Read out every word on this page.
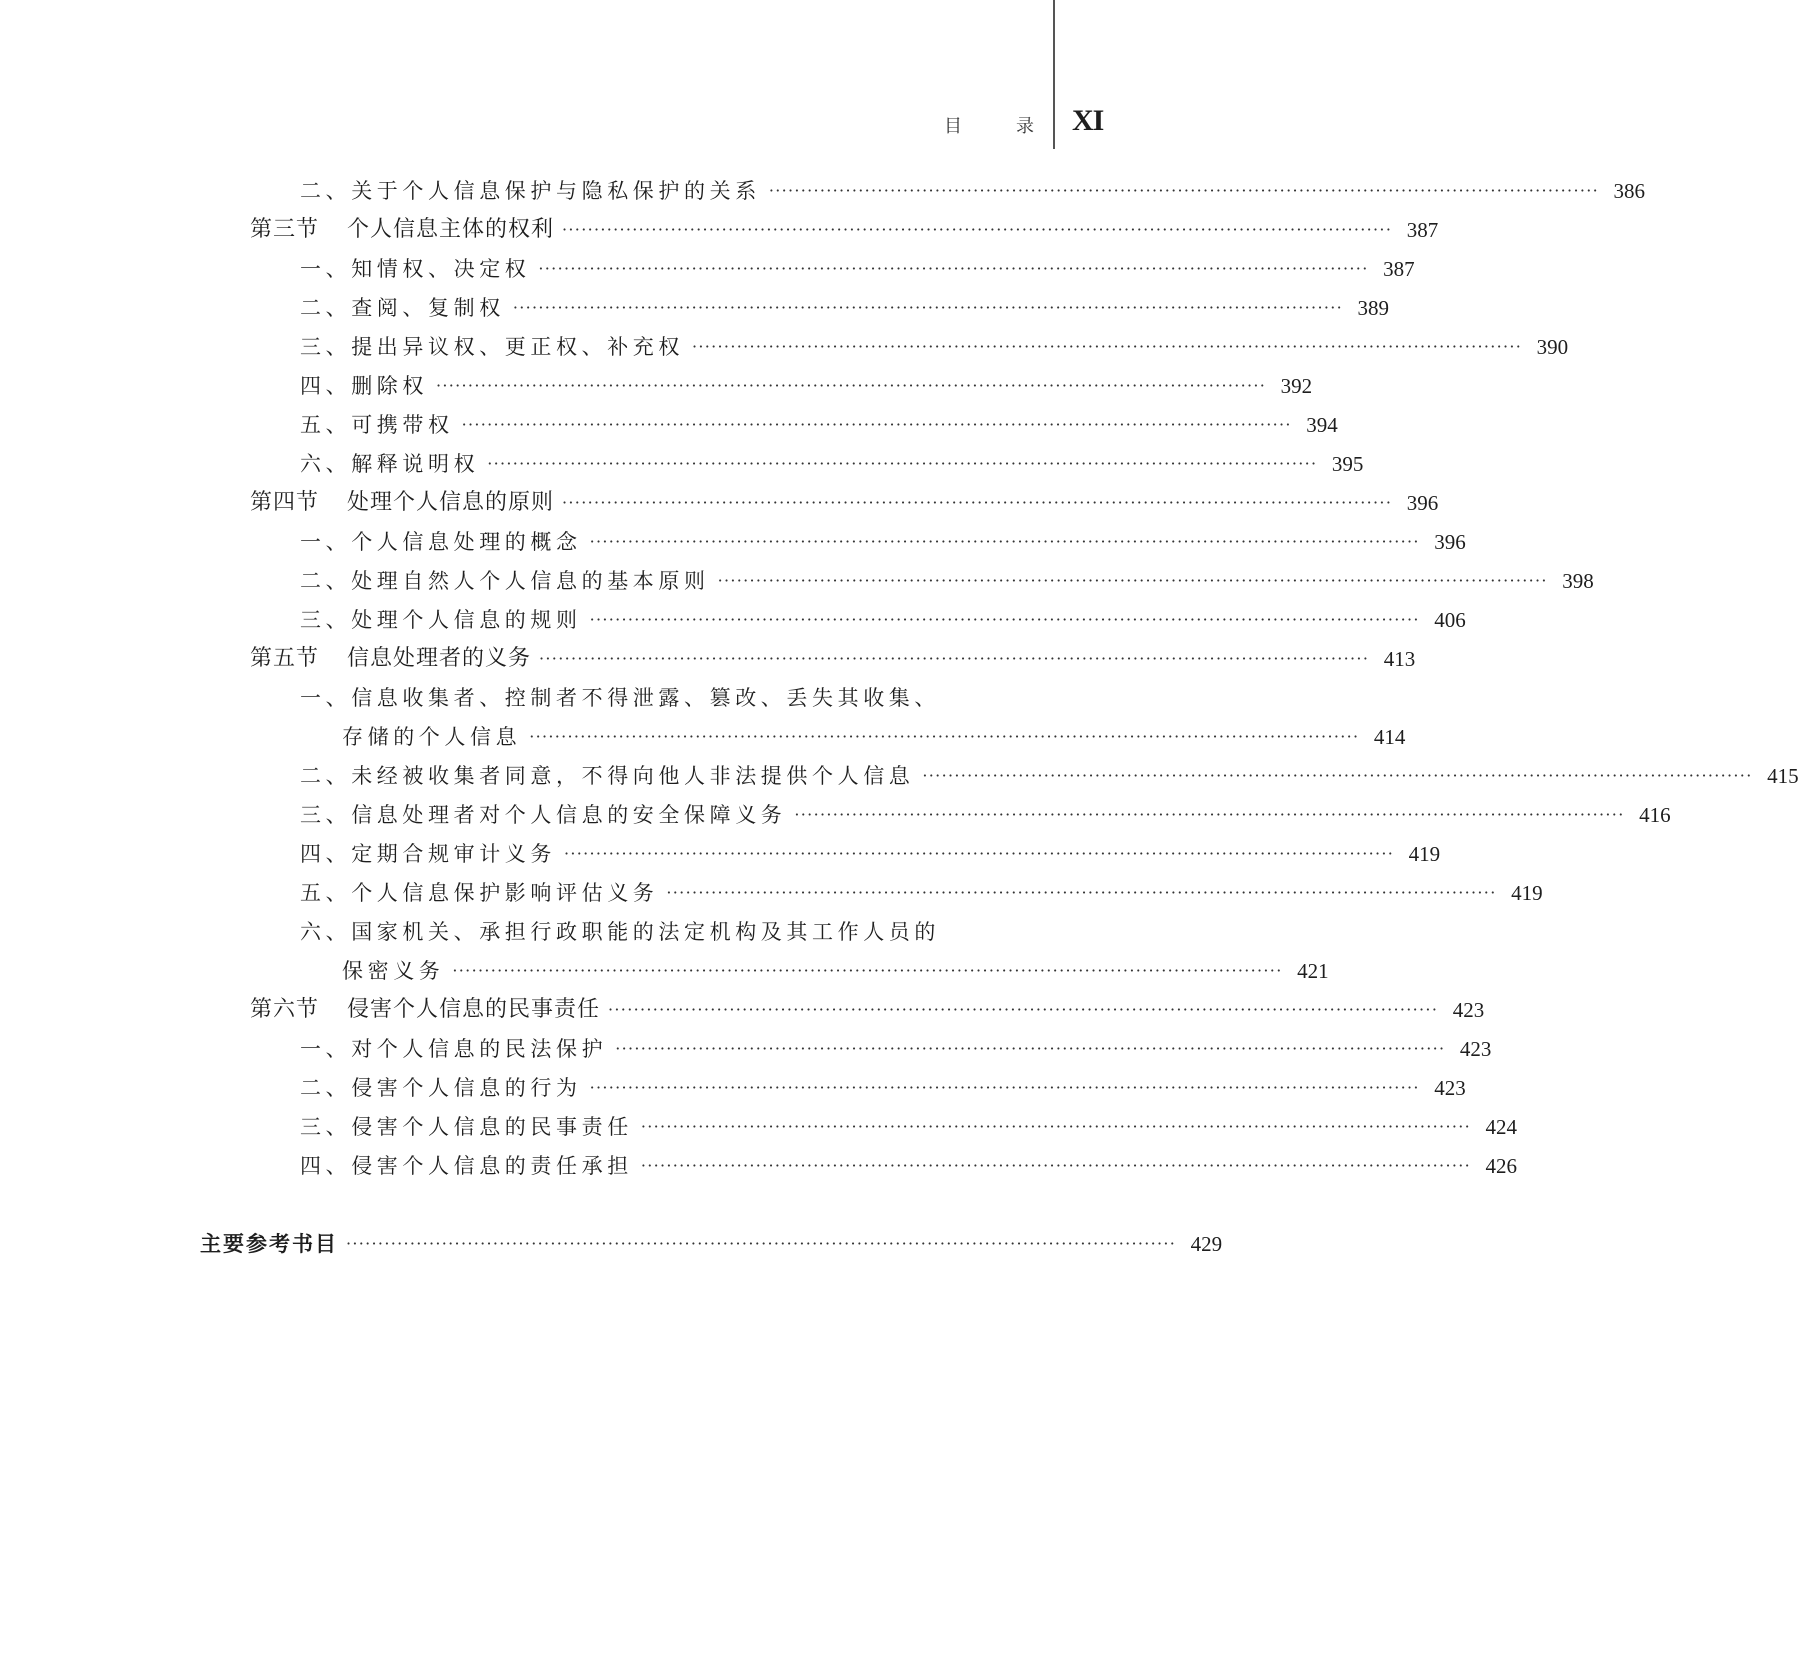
目	录 XI
二、关于个人信息保护与隐私保护的关系 ·································································································································· 386
第三节 个人信息主体的权利 ·································································································································· 387
一、知情权、决定权 ·································································································································· 387
二、查阅、复制权 ·································································································································· 389
三、提出异议权、更正权、补充权 ·································································································································· 390
四、删除权 ·································································································································· 392
五、可携带权 ·································································································································· 394
六、解释说明权 ·································································································································· 395
第四节 处理个人信息的原则 ·································································································································· 396
一、个人信息处理的概念 ·································································································································· 396
二、处理自然人个人信息的基本原则 ·································································································································· 398
三、处理个人信息的规则 ·································································································································· 406
第五节 信息处理者的义务 ·································································································································· 413
一、信息收集者、控制者不得泄露、篡改、丢失其收集、
存储的个人信息 ·································································································································· 414
二、未经被收集者同意，不得向他人非法提供个人信息 ·································································································································· 415
三、信息处理者对个人信息的安全保障义务 ·································································································································· 416
四、定期合规审计义务 ·································································································································· 419
五、个人信息保护影响评估义务 ·································································································································· 419
六、国家机关、承担行政职能的法定机构及其工作人员的
保密义务 ·································································································································· 421
第六节 侵害个人信息的民事责任 ·································································································································· 423
一、对个人信息的民法保护 ·································································································································· 423
二、侵害个人信息的行为 ·································································································································· 423
三、侵害个人信息的民事责任 ·································································································································· 424
四、侵害个人信息的责任承担 ·································································································································· 426
主要参考书目 ·································································································································· 429
